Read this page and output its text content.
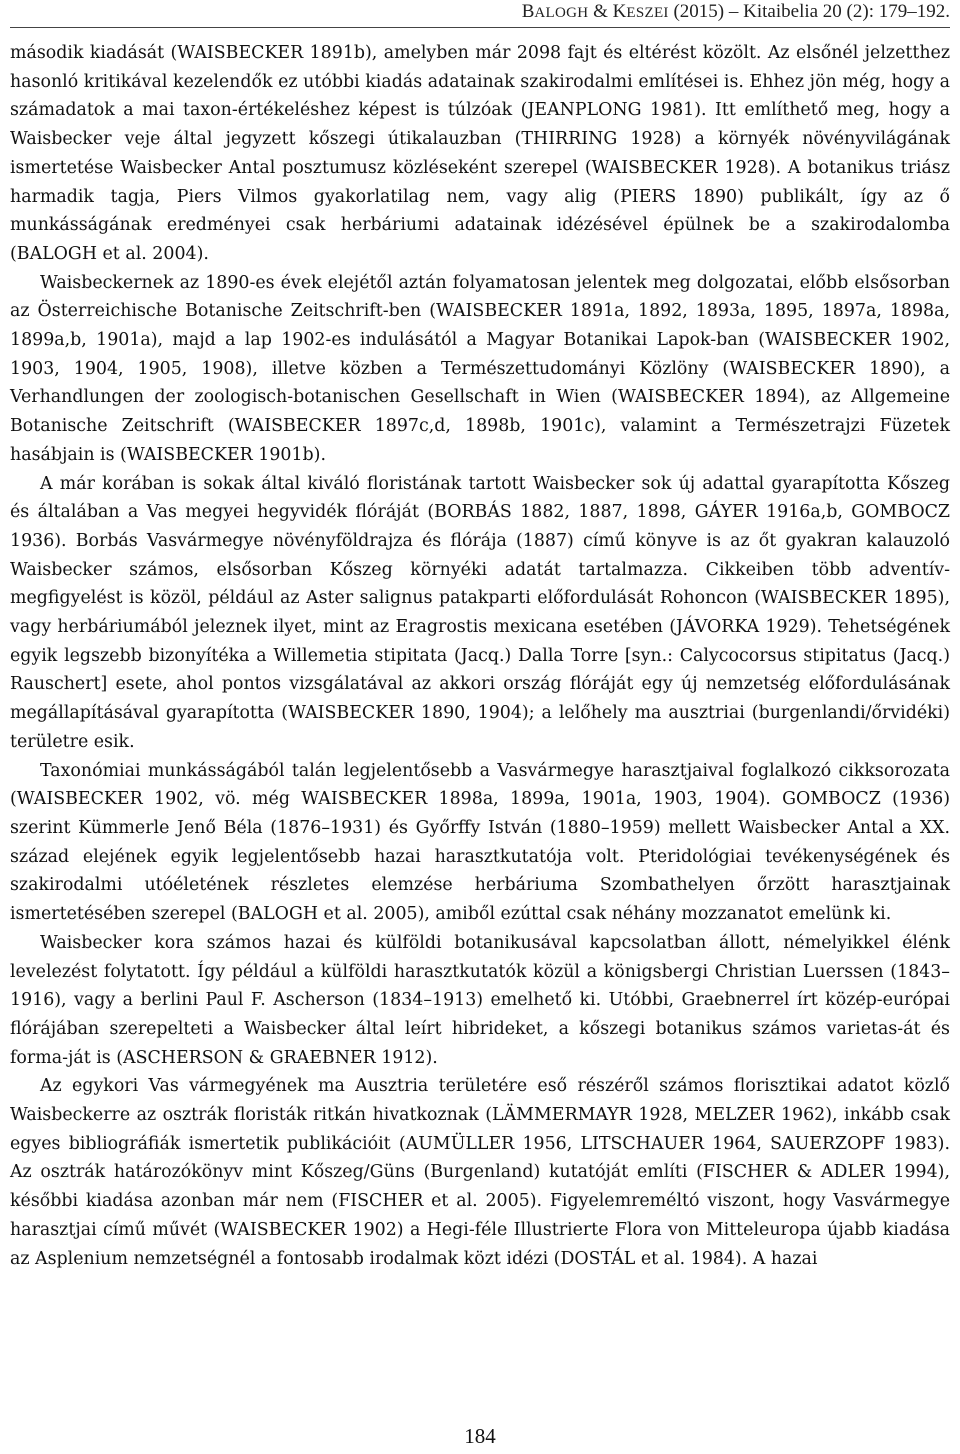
BALOGH & KESZEI (2015) – Kitaibelia 20 (2): 179–192.

második kiadását (WAISBECKER 1891b), amelyben már 2098 fajt és eltérést közölt. Az elsőnél jelzetthez hasonló kritikával kezelendők ez utóbbi kiadás adatainak szakirodalmi említései is. Ehhez jön még, hogy a számadatok a mai taxon-értékeléshez képest is túlzóak (JEANPLONG 1981). Itt említhető meg, hogy a Waisbecker veje által jegyzett kőszegi útikalauzban (THIRRING 1928) a környék növényvilágának ismertetése Waisbecker Antal posztumusz közléseként szerepel (WAISBECKER 1928). A botanikus triász harmadik tagja, Piers Vilmos gyakorlatilag nem, vagy alig (PIERS 1890) publikált, így az ő munkásságának eredményei csak herbáriumi adatainak idézésével épülnek be a szakirodalomba (BALOGH et al. 2004).

Waisbeckernek az 1890-es évek elejétől aztán folyamatosan jelentek meg dolgozatai, előbb elsősorban az Österreichische Botanische Zeitschrift-ben (WAISBECKER 1891a, 1892, 1893a, 1895, 1897a, 1898a, 1899a,b, 1901a), majd a lap 1902-es indulásától a Magyar Botanikai Lapok-ban (WAISBECKER 1902, 1903, 1904, 1905, 1908), illetve közben a Természettudományi Közlöny (WAISBECKER 1890), a Verhandlungen der zoologisch-botanischen Gesellschaft in Wien (WAISBECKER 1894), az Allgemeine Botanische Zeitschrift (WAISBECKER 1897c,d, 1898b, 1901c), valamint a Természetrajzi Füzetek hasábjain is (WAISBECKER 1901b).

A már korában is sokak által kiváló floristának tartott Waisbecker sok új adattal gyarapította Kőszeg és általában a Vas megyei hegyvidék flóráját (BORBÁS 1882, 1887, 1898, GÁYER 1916a,b, GOMBOCZ 1936). Borbás Vasvármegye növényföldrajza és flórája (1887) című könyve is az őt gyakran kalauzoló Waisbecker számos, elsősorban Kőszeg környéki adatát tartalmazza. Cikkeiben több adventív-megfigyelést is közöl, például az Aster salignus patakparti előfordulását Rohoncon (WAISBECKER 1895), vagy herbáriumából jeleznek ilyet, mint az Eragrostis mexicana esetében (JÁVORKA 1929). Tehetségének egyik legszebb bizonyítéka a Willemetia stipitata (Jacq.) Dalla Torre [syn.: Calycocorsus stipitatus (Jacq.) Rauschert] esete, ahol pontos vizsgálatával az akkori ország flóráját egy új nemzetség előfordulásának megállapításával gyarapította (WAISBECKER 1890, 1904); a lelőhely ma ausztriai (burgenlandi/őrvidéki) területre esik.

Taxonómiai munkásságából talán legjelentősebb a Vasvármegye harasztjaival foglalkozó cikksorozata (WAISBECKER 1902, vö. még WAISBECKER 1898a, 1899a, 1901a, 1903, 1904). GOMBOCZ (1936) szerint Kümmerle Jenő Béla (1876–1931) és Győrffy István (1880–1959) mellett Waisbecker Antal a XX. század elejének egyik legjelentősebb hazai harasztkutatója volt. Pteridológiai tevékenységének és szakirodalmi utóéletének részletes elemzése herbáriuma Szombathelyen őrzött harasztjainak ismertetésében szerepel (BALOGH et al. 2005), amiből ezúttal csak néhány mozzanatot emelünk ki.

Waisbecker kora számos hazai és külföldi botanikusával kapcsolatban állott, némelyikkel élénk levelezést folytatott. Így például a külföldi harasztkutatók közül a königsbergi Christian Luerssen (1843–1916), vagy a berlini Paul F. Ascherson (1834–1913) emelhető ki. Utóbbi, Graebnerrel írt közép-európai flórájában szerepelteti a Waisbecker által leírt hibrideket, a kőszegi botanikus számos varietas-át és forma-ját is (ASCHERSON & GRAEBNER 1912).

Az egykori Vas vármegyének ma Ausztria területére eső részéről számos florisztikai adatot közlő Waisbeckerre az osztrák floristák ritkán hivatkoznak (LÄMMERMAYR 1928, MELZER 1962), inkább csak egyes bibliográfiák ismertetik publikációit (AUMÜLLER 1956, LITSCHAUER 1964, SAUERZOPF 1983). Az osztrák határozókönyv mint Kőszeg/Güns (Burgenland) kutatóját említi (FISCHER & ADLER 1994), későbbi kiadása azonban már nem (FISCHER et al. 2005). Figyelemreméltó viszont, hogy Vasvármegye harasztjai című művét (WAISBECKER 1902) a Hegi-féle Illustrierte Flora von Mitteleuropa újabb kiadása az Asplenium nemzetségnél a fontosabb irodalmak közt idézi (DOSTÁL et al. 1984). A hazai

184
